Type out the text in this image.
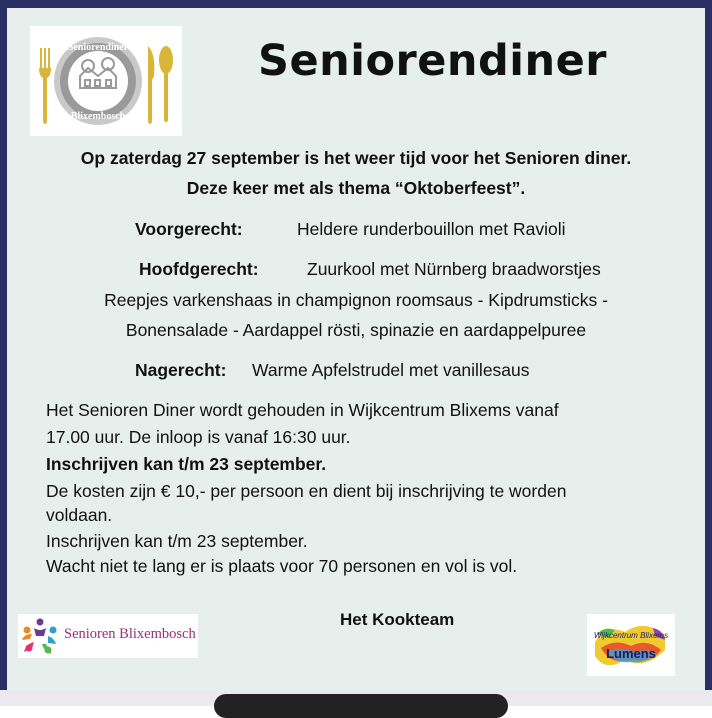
Seniorendiner
Blixembosch
Seniorendiner
Op zaterdag 27 september is het weer tijd voor het Senioren diner.
Deze keer met als thema “Oktoberfeest”.
Voorgerecht:	Heldere runderbouillon met Ravioli
Hoofdgerecht:	Zuurkool met Nürnberg braadworstjes
Reepjes varkenshaas in champignon roomsaus - Kipdrumsticks -
Bonensalade - Aardappel rösti, spinazie en aardappelpuree
Nagerecht: Warme Apfelstrudel met vanillesaus
Het Senioren Diner wordt gehouden in Wijkcentrum Blixems vanaf
17.00 uur. De inloop is vanaf 16:30 uur.
Inschrijven kan t/m 23 september.
De kosten zijn € 10,- per persoon en dient bij inschrijving te worden
voldaan.
Inschrijven kan t/m 23 september.
Wacht niet te lang er is plaats voor 70 personen en vol is vol.
Het Kookteam
Senioren Blixembosch	Wijkcentrum Blixems
Lumens
